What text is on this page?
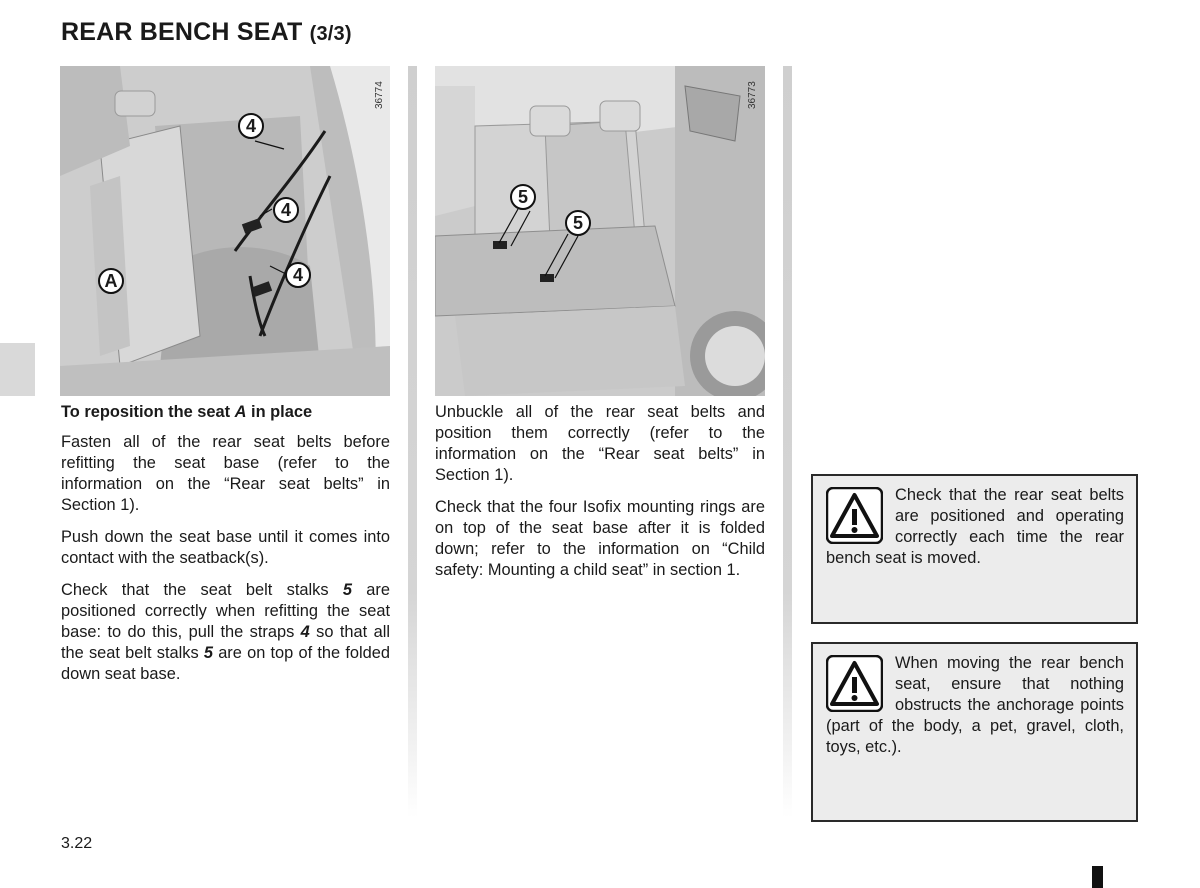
REAR BENCH SEAT (3/3)
36774
4
4
4
A
36773
5
5

To reposition the seat A in place

Fasten all of the rear seat belts before refitting the seat base (refer to the information on the “Rear seat belts” in Section 1).

Push down the seat base until it comes into contact with the seatback(s).

Check that the seat belt stalks 5 are positioned correctly when refitting the seat base: to do this, pull the straps 4 so that all the seat belt stalks 5 are on top of the folded down seat base.

Unbuckle all of the rear seat belts and position them correctly (refer to the information on the “Rear seat belts” in Section 1).

Check that the four Isofix mounting rings are on top of the seat base after it is folded down; refer to the information on “Child safety: Mounting a child seat” in section 1.

Check that the rear seat belts are positioned and operating correctly each time the rear bench seat is moved.
When moving the rear bench seat, ensure that nothing obstructs the anchorage points (part of the body, a pet, gravel, cloth, toys, etc.).
3.22
